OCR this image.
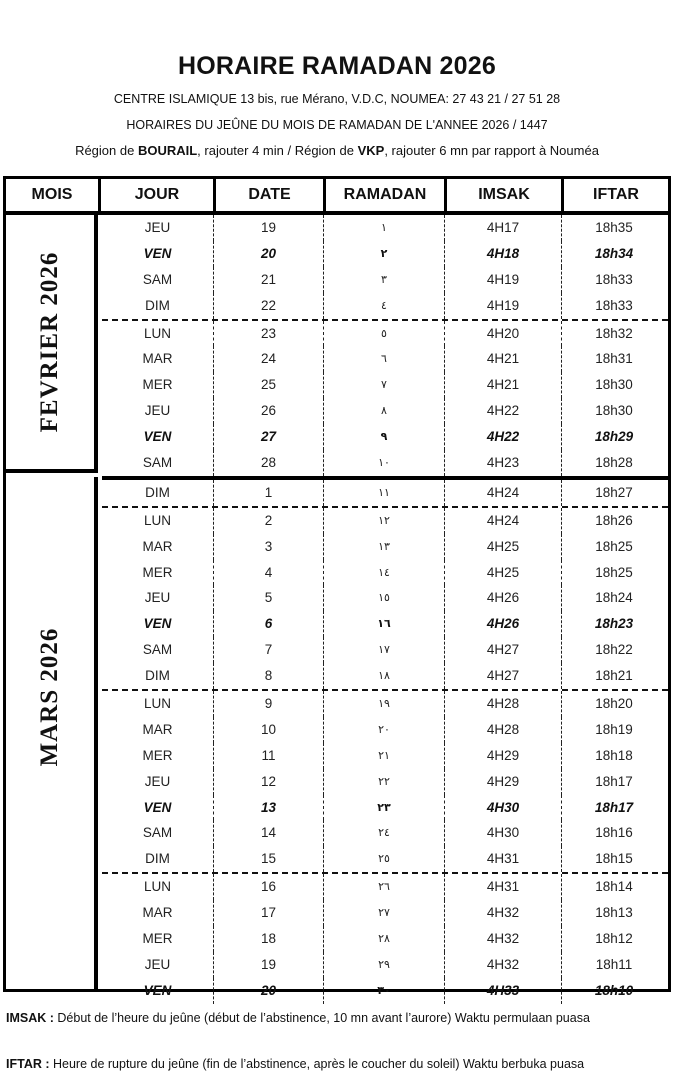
HORAIRE RAMADAN 2026
CENTRE ISLAMIQUE 13 bis, rue Mérano, V.D.C, NOUMEA: 27 43 21 / 27 51 28
HORAIRES DU JEÛNE DU MOIS DE RAMADAN DE L'ANNEE 2026 / 1447
Région de BOURAIL, rajouter 4 min / Région de VKP, rajouter 6 mn par rapport à Nouméa
MOIS	JOUR	DATE	RAMADAN	IMSAK	IFTAR
FEVRIER 2026
MARS 2026
JEU	19	١	4H17	18h35
VEN	20	٢	4H18	18h34
SAM	21	٣	4H19	18h33
DIM	22	٤	4H19	18h33
LUN	23	٥	4H20	18h32
MAR	24	٦	4H21	18h31
MER	25	٧	4H21	18h30
JEU	26	٨	4H22	18h30
VEN	27	٩	4H22	18h29
SAM	28	١٠	4H23	18h28
DIM	1	١١	4H24	18h27
LUN	2	١٢	4H24	18h26
MAR	3	١٣	4H25	18h25
MER	4	١٤	4H25	18h25
JEU	5	١٥	4H26	18h24
VEN	6	١٦	4H26	18h23
SAM	7	١٧	4H27	18h22
DIM	8	١٨	4H27	18h21
LUN	9	١٩	4H28	18h20
MAR	10	٢٠	4H28	18h19
MER	11	٢١	4H29	18h18
JEU	12	٢٢	4H29	18h17
VEN	13	٢٣	4H30	18h17
SAM	14	٢٤	4H30	18h16
DIM	15	٢٥	4H31	18h15
LUN	16	٢٦	4H31	18h14
MAR	17	٢٧	4H32	18h13
MER	18	٢٨	4H32	18h12
JEU	19	٢٩	4H32	18h11
VEN	20	٣٠	4H33	18h10
IMSAK : Début de l’heure du jeûne (début de l’abstinence, 10 mn avant l’aurore) Waktu permulaan puasa
IFTAR : Heure de rupture du jeûne (fin de l’abstinence, après le coucher du soleil) Waktu berbuka puasa
